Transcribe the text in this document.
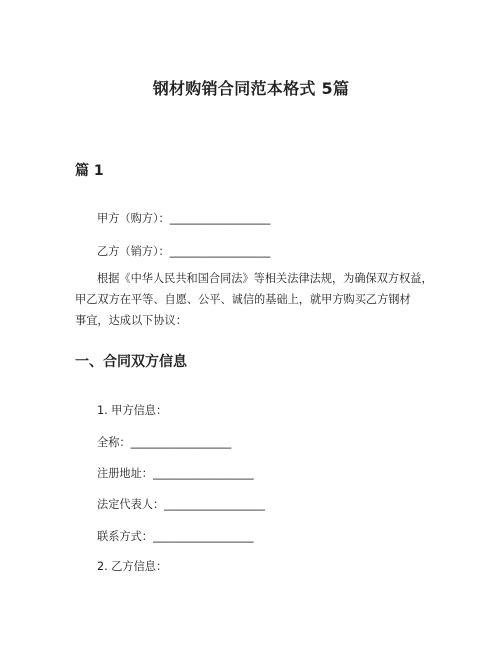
钢材购销合同范本格式 5篇
篇 1
甲方（购方）：__________________
乙方（销方）：__________________
根据《中华人民共和国合同法》等相关法律法规，为确保双方权益，
甲乙双方在平等、自愿、公平、诚信的基础上，就甲方购买乙方钢材
事宜，达成以下协议：
一、合同双方信息
1. 甲方信息：
全称：__________________
注册地址：__________________
法定代表人：__________________
联系方式：__________________
2. 乙方信息：
